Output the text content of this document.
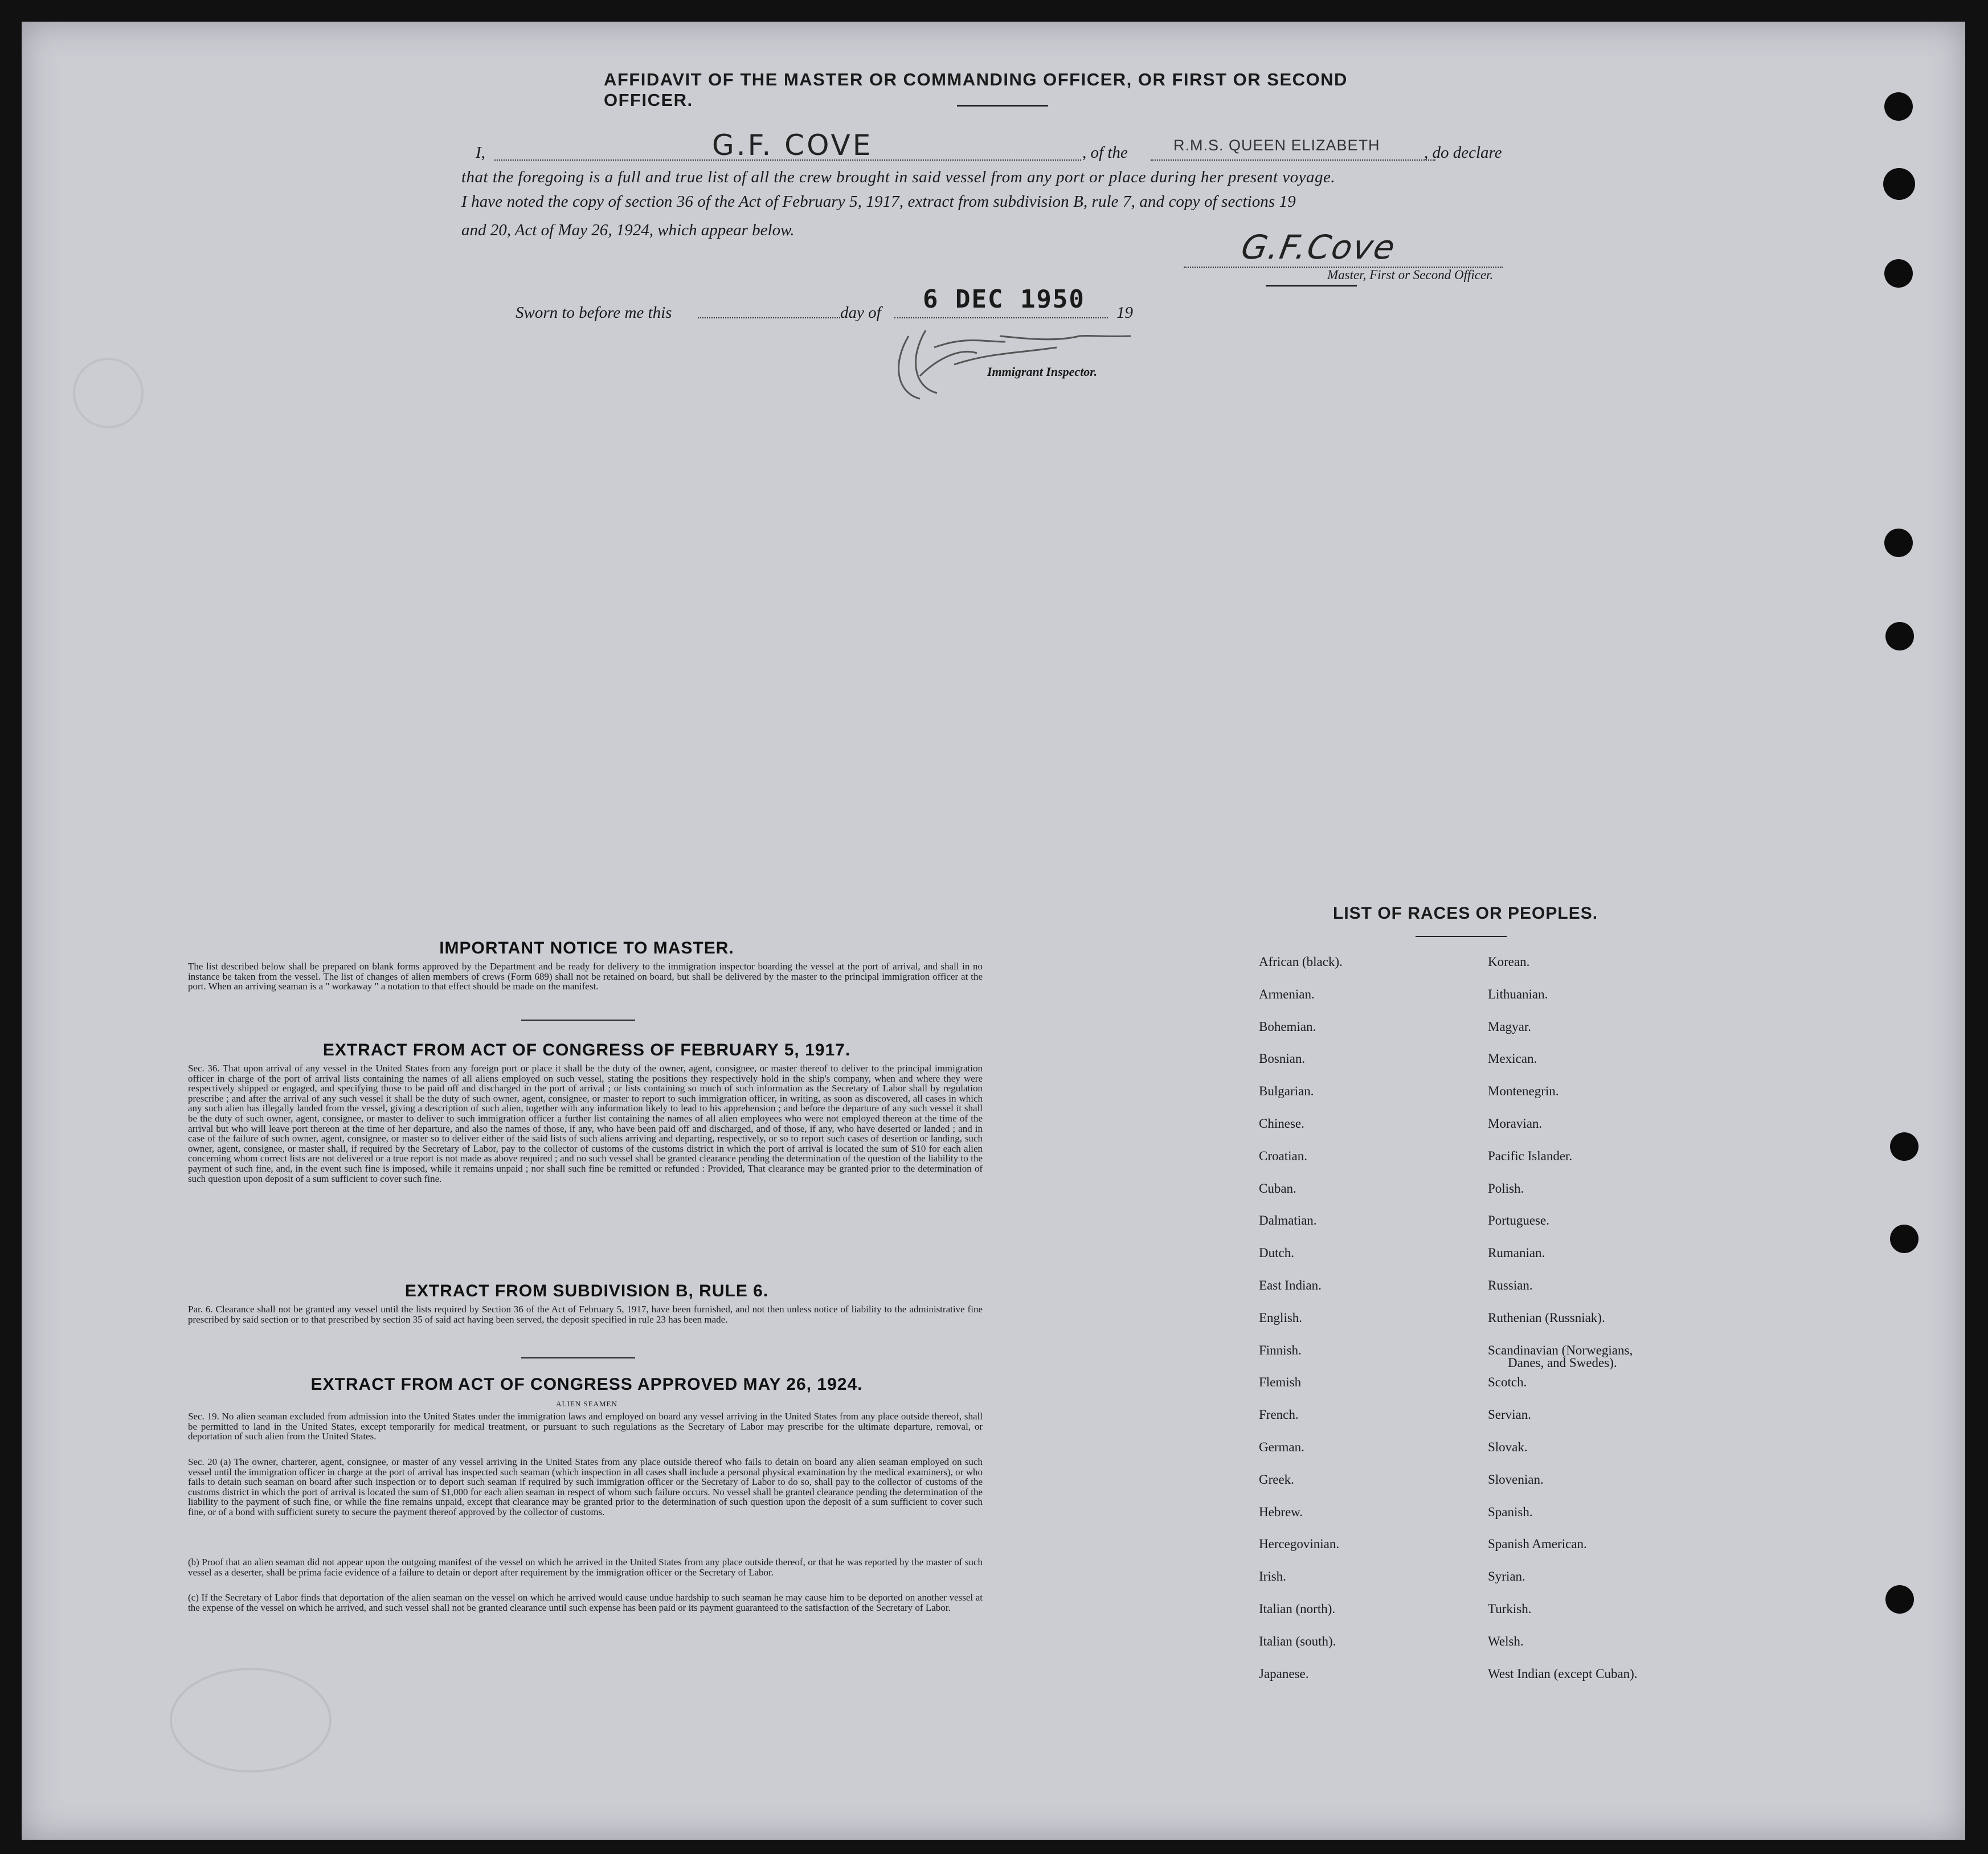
AFFIDAVIT OF THE MASTER OR COMMANDING OFFICER, OR FIRST OR SECOND OFFICER.
I,	G.F. COVE	, of the	R.M.S. QUEEN ELIZABETH	, do declare
that the foregoing is a full and true list of all the crew brought in said vessel from any port or place during her present voyage.
I have noted the copy of section 36 of the Act of February 5, 1917, extract from subdivision B, rule 7, and copy of sections 19
and 20, Act of May 26, 1924, which appear below.	G.F.Cove
Master, First or Second Officer.
Sworn to before me this	day of 6 DEC 1950 19
Immigrant Inspector.
IMPORTANT NOTICE TO MASTER.
The list described below shall be prepared on blank forms approved by the Department and be ready for delivery to the immigration inspector boarding the vessel at the port of arrival, and shall in no instance be taken from the vessel. The list of changes of alien members of crews (Form 689) shall not be retained on board, but shall be delivered by the master to the principal immigration officer at the port. When an arriving seaman is a " workaway " a notation to that effect should be made on the manifest.
EXTRACT FROM ACT OF CONGRESS OF FEBRUARY 5, 1917.
Sec. 36. That upon arrival of any vessel in the United States from any foreign port or place it shall be the duty of the owner, agent, consignee, or master thereof to deliver to the principal immigration officer in charge of the port of arrival lists containing the names of all aliens employed on such vessel, stating the positions they respectively hold in the ship's company, when and where they were respectively shipped or engaged, and specifying those to be paid off and discharged in the port of arrival ; or lists containing so much of such information as the Secretary of Labor shall by regulation prescribe ; and after the arrival of any such vessel it shall be the duty of such owner, agent, consignee, or master to report to such immigration officer, in writing, as soon as discovered, all cases in which any such alien has illegally landed from the vessel, giving a description of such alien, together with any information likely to lead to his apprehension ; and before the departure of any such vessel it shall be the duty of such owner, agent, consignee, or master to deliver to such immigration officer a further list containing the names of all alien employees who were not employed thereon at the time of the arrival but who will leave port thereon at the time of her departure, and also the names of those, if any, who have been paid off and discharged, and of those, if any, who have deserted or landed ; and in case of the failure of such owner, agent, consignee, or master so to deliver either of the said lists of such aliens arriving and departing, respectively, or so to report such cases of desertion or landing, such owner, agent, consignee, or master shall, if required by the Secretary of Labor, pay to the collector of customs of the customs district in which the port of arrival is located the sum of $10 for each alien concerning whom correct lists are not delivered or a true report is not made as above required ; and no such vessel shall be granted clearance pending the determination of the question of the liability to the payment of such fine, and, in the event such fine is imposed, while it remains unpaid ; nor shall such fine be remitted or refunded : Provided, That clearance may be granted prior to the determination of such question upon deposit of a sum sufficient to cover such fine.
EXTRACT FROM SUBDIVISION B, RULE 6.
Par. 6. Clearance shall not be granted any vessel until the lists required by Section 36 of the Act of February 5, 1917, have been furnished, and not then unless notice of liability to the administrative fine prescribed by said section or to that prescribed by section 35 of said act having been served, the deposit specified in rule 23 has been made.
EXTRACT FROM ACT OF CONGRESS APPROVED MAY 26, 1924.
ALIEN SEAMEN
Sec. 19. No alien seaman excluded from admission into the United States under the immigration laws and employed on board any vessel arriving in the United States from any place outside thereof, shall be permitted to land in the United States, except temporarily for medical treatment, or pursuant to such regulations as the Secretary of Labor may prescribe for the ultimate departure, removal, or deportation of such alien from the United States.
Sec. 20 (a) The owner, charterer, agent, consignee, or master of any vessel arriving in the United States from any place outside thereof who fails to detain on board any alien seaman employed on such vessel until the immigration officer in charge at the port of arrival has inspected such seaman (which inspection in all cases shall include a personal physical examination by the medical examiners), or who fails to detain such seaman on board after such inspection or to deport such seaman if required by such immigration officer or the Secretary of Labor to do so, shall pay to the collector of customs of the customs district in which the port of arrival is located the sum of $1,000 for each alien seaman in respect of whom such failure occurs. No vessel shall be granted clearance pending the determination of the liability to the payment of such fine, or while the fine remains unpaid, except that clearance may be granted prior to the determination of such question upon the deposit of a sum sufficient to cover such fine, or of a bond with sufficient surety to secure the payment thereof approved by the collector of customs.
(b) Proof that an alien seaman did not appear upon the outgoing manifest of the vessel on which he arrived in the United States from any place outside thereof, or that he was reported by the master of such vessel as a deserter, shall be prima facie evidence of a failure to detain or deport after requirement by the immigration officer or the Secretary of Labor.
(c) If the Secretary of Labor finds that deportation of the alien seaman on the vessel on which he arrived would cause undue hardship to such seaman he may cause him to be deported on another vessel at the expense of the vessel on which he arrived, and such vessel shall not be granted clearance until such expense has been paid or its payment guaranteed to the satisfaction of the Secretary of Labor.
LIST OF RACES OR PEOPLES.
African (black).
Armenian.
Bohemian.
Bosnian.
Bulgarian.
Chinese.
Croatian.
Cuban.
Dalmatian.
Dutch.
East Indian.
English.
Finnish.
Flemish
French.
German.
Greek.
Hebrew.
Hercegovinian.
Irish.
Italian (north).
Italian (south).
Japanese.
Korean.
Lithuanian.
Magyar.
Mexican.
Montenegrin.
Moravian.
Pacific Islander.
Polish.
Portuguese.
Rumanian.
Russian.
Ruthenian (Russniak).
Scandinavian (Norwegians,
Scotch.
Servian.
Slovak.
Slovenian.
Spanish.
Spanish American.
Syrian.
Turkish.
Welsh.
West Indian (except Cuban).
Danes, and Swedes).
